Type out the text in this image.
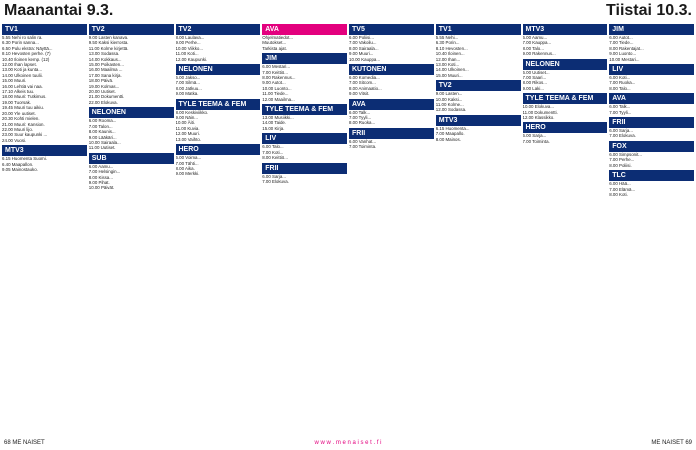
Maanantai 9.3.	Tiistai 10.3.
TV1
5.55 Nehi ro salin ra.
6.30 Porin sanna...
6.50 Pulu ekstra: Näyttä...
8.10 Hevosten perhe. (7)
10.40 Iloinen kemp. (12)
12.00 Ihan lapset.
13.00 Koti ja kunta...
14.00 Ulkoinen tuulii.
15.00 Muuri.
16.00 Lehtiä vai naa.
17.10 Alkeis tuu.
18.00 Muuri: Tutkimus.
19.00 Tuorsak.
19.45 Muuri tuu aikiu.
20.00 Yle uutiset.
20.30 Kohti mielen.
21.00 Muuri: Kansion.
22.00 Muuri lijo.
23.00 Suur kaupunki ...
24.00 Vuosi.
MTV3
6.15 Huomenta Suomi.
6.40 Maapallon.
9.05 Mainostauko.
TV2
9.00 Lasten kanava.
9.50 Kaksi kierrosta.
11.00 Kolme kirjettä.
13.00 Sodassa.
14.00 Kokkaus...
15.00 Poikasten...
16.00 Maailma ...
17.00 Sana kirja.
18.00 Päivä.
19.00 Kolmas...
20.00 Uutiset.
21.00 Dokumentti.
22.00 Elokuva.
NELONEN
6.00 Rooma...
7.00 Talon...
8.00 Kaunis...
9.00 Lääkäri...
10.00 Sairaala...
11.00 Uutiset.
SUB
6.00 Aamu...
7.00 Helsingin...
8.00 Kissa...
9.00 Pihat.
10.00 Päivät.
TV2
8.00 Laulava...
9.00 Perhe...
10.00 Viikko...
11.00 Koti...
12.00 Kaupunki.
NELONEN
6.00 Jakso...
7.00 Silmä...
8.00 Jatkuu...
9.00 Matka.
TYLE TEEMA & FEM
8.00 Keskiviikko.
9.00 Näin...
10.00 Äiti.
11.00 Kuvia.
12.00 Muuri.
13.00 Vaihto.
HERO
6.00 Voima...
7.00 Tähti...
8.00 Aika.
9.00 Merkki.
AVA
Ohjelmatiedot...
Muutokset...
Tarkista ajat.
JIM
6.00 Mestari...
7.00 Keittiö...
8.00 Rakennus...
9.00 Autot...
10.00 Luonto...
11.00 Tiede...
12.00 Maailma...
TYLE TEEMA & FEM
13.00 Musiikki...
14.00 Taide.
15.00 Kirja.
LIV
6.00 Talo...
7.00 Koti...
8.00 Keittiö...
FRII
6.00 Sarja...
7.00 Elokuva.
TV5
6.00 Poliisi...
7.00 Vakoilu...
8.00 Sairaala...
9.00 Muuri...
10.00 Kauppa...
KUTONEN
6.00 Komedia...
7.00 Sitcom...
8.00 Animaatio...
9.00 Vitsit.
AVA
6.00 Talk...
7.00 Tyyli...
8.00 Ruoka...
FRII
6.00 Vanhat...
7.00 Toiminta.
TV1
5.55 Nehi...
6.30 Porin...
8.10 Hevosten...
10.40 Iloinen...
12.00 Ihan...
13.00 Koti...
14.00 Ulkoinen...
15.00 Muuri...
TV2
9.00 Lasten...
10.00 Kaksi...
11.00 Kolme...
12.00 Sodassa.
MTV3
6.15 Huomenta...
7.00 Maapallo.
8.00 Mainos.
MTV3
6.00 Aamu...
7.00 Kauppa...
8.00 Talo...
9.00 Rakennus...
NELONEN
6.00 Uutiset...
7.00 Saari...
8.00 Rikos...
9.00 Laki...
TYLE TEEMA & FEM
10.00 Elokuva...
11.00 Dokumentti.
12.00 Klassikko.
HERO
6.00 Sarja...
7.00 Toiminta.
JIM
6.00 Autot...
7.00 Tiede...
8.00 Rakentajat...
9.00 Luonto...
10.00 Mestari...
LIV
6.00 Koti...
7.00 Ruoka...
8.00 Talo...
AVA
6.00 Talk...
7.00 Tyyli...
FRII
6.00 Sarja...
7.00 Elokuva.
FOX
6.00 Simpsonit...
7.00 Perhe...
8.00 Poliisi.
TLC
6.00 Hää...
7.00 Elämä...
8.00 Koti.
68 ME NAISET	w w w . m e n a i s e t . f i	ME NAISET 69
